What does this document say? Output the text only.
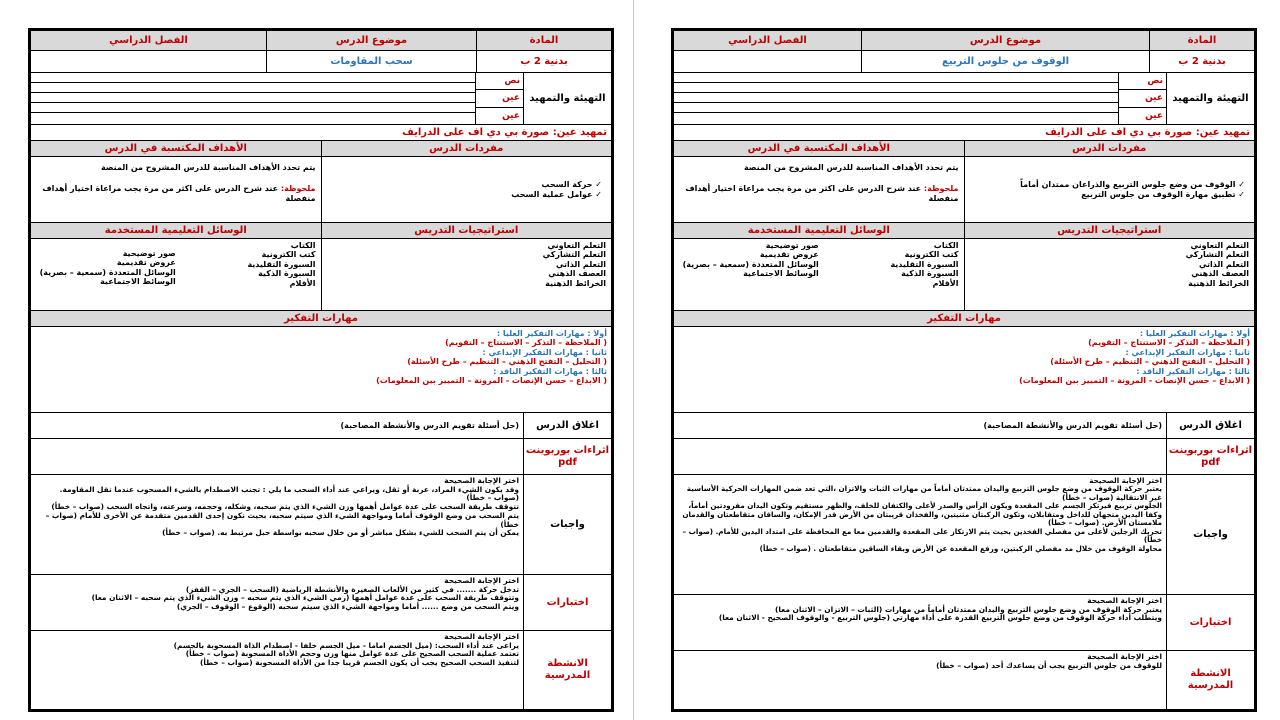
المادة
موضوع الدرس
الفصل الدراسي
بدنية 2 ب
سحب المقاومات
التهيئة والتمهيد
نص
عين
عين
تمهيد عين: صورة بي دي اف على الدرايف
مفردات الدرس
الأهداف المكتسبة في الدرس
✓ حركة السحب
✓ عوامل عملية السحب

يتم تحدد الأهداف المناسبة للدرس المشروح من المنصة

ملحوظة: عند شرح الدرس على اكثر من مرة يجب مراعاة اختيار أهداف منفصلة

استراتيجيات التدريس
الوسائل التعليمية المستخدمة

التعلم التعاوني

التعلم التشاركي

التعلم الذاتي

العصف الذهني

الخرائط الذهنية

الكتاب

كتب الكترونية

السبورة التقليدية

السبورة الذكية

الأقلام

صور توضيحية

عروض تقديمية

الوسائل المتعددة (سمعية – بصرية)

الوسائط الاجتماعية

مهارات التفكير

أولا : مهارات التفكير العليا :

( الملاحظة – التذكر – الاستنتاج – التقويم)

ثانيا : مهارات التفكير الإبداعي :

( التحليل – التفتح الذهني – التنظيم – طرح الأسئلة)

ثالثا : مهارات التفكير الناقد :

( الابداع – حسن الإنصات - المرونة – التمييز بين المعلومات)

اغلاق الدرس
(حل أسئلة تقويم الدرس والأنشطة المصاحبة)
اثراءات بوربوينت pdf
واجبات

اختر الإجابة الصحيحة

وقد يكون الشيء المراد، عربة أو ثقل، ويراعي عند أداء السحب ما يلي : تجنب الاصطدام بالشيء المسحوب عندما تقل المقاومة. (صواب – خطأ)

تتوقف طريقة السحب على عدة عوامل أهمها وزن الشيء الذي يتم سحبه، وشكله، وحجمه، وسرعته، واتجاه السحب (صواب – خطأ)

يتم السحب من وضع الوقوف أماما ومواجهة الشيء الذي سيتم سحبه، بحيث تكون إحدى القدمين متقدمة عن الأخرى للأمام (صواب – خطأ)

يمكن أن يتم السحب للشيء بشكل مباشر أو من خلال سحبه بواسطة حبل مرتبط به. (صواب – خطأ)

اختبارات

اختر الإجابة الصحيحة

تدخل حركة ....... في كثير من الألعاب الصغيرة والأنشطة الرياضية (السحب – الجري – القفز)

وتتوقف طريقة السحب على عدة عوامل أهمها (رمي الشيء الذي يتم سحبه – وزن الشيء الذي يتم سحبه – الاثنان معا)

ويتم السحب من وضع ...... أماما ومواجهة الشيء الذي سيتم سحبه (الوقوع – الوقوف – الجري)

الانشطة المدرسية

اختر الإجابة الصحيحة

يراعى عند أداء السحب: (ميل الجسم اماما - ميل الجسم خلفا - اصطدام الذاة المسحوبة بالجسم)

تعتمد عملية السحب الصحيح على عدة عوامل منها وزن وحجم الأداة المسحوبة (صواب – خطأ)

لتنفيذ السحب الصحيح يجب أن يكون الجسم قريبا جدا من الأداة المسحوبة (صواب – خطأ)

المادة
موضوع الدرس
الفصل الدراسي
بدنية 2 ب
الوقوف من جلوس التربيع
التهيئة والتمهيد
نص
عين
عين
تمهيد عين: صورة بي دي اف على الدرايف
مفردات الدرس
الأهداف المكتسبة في الدرس
✓ الوقوف من وضع جلوس التربيع والذراعان ممتدان أماماً
✓ تطبيق مهارة الوقوف من جلوس التربيع

يتم تحدد الأهداف المناسبة للدرس المشروح من المنصة

ملحوظة: عند شرح الدرس على اكثر من مرة يجب مراعاة اختيار أهداف منفصلة

استراتيجيات التدريس
الوسائل التعليمية المستخدمة

التعلم التعاوني

التعلم التشاركي

التعلم الذاتي

العصف الذهني

الخرائط الذهنية

الكتاب

كتب الكترونية

السبورة التقليدية

السبورة الذكية

الأقلام

صور توضيحية

عروض تقديمية

الوسائل المتعددة (سمعية – بصرية)

الوسائط الاجتماعية

مهارات التفكير

أولا : مهارات التفكير العليا :

( الملاحظة – التذكر – الاستنتاج – التقويم)

ثانيا : مهارات التفكير الإبداعي :

( التحليل – التفتح الذهني – التنظيم – طرح الأسئلة)

ثالثا : مهارات التفكير الناقد :

( الابداع – حسن الإنصات - المرونة – التمييز بين المعلومات)

اغلاق الدرس
(حل أسئلة تقويم الدرس والأنشطة المصاحبة)
اثراءات بوربوينت pdf
واجبات

اختر الإجابة الصحيحة

يعتبر حركة الوقوف من وضع جلوس التربيع واليدان ممتدتان أماماً من مهارات الثبات والاتزان ،التي تعد ضمن المهارات الحركية الأساسية غير الانتقالية (صواب – خطأ)

الجلوس تربيع فيرتكز الجسم على المقعدة ويكون الرأس والصدر لأعلى والكتفان للخلف، والظهر مستقيم وتكون اليدان مفرودتين أماماً، وكفا اليدين متجهان للداخل ومتقابلان، وتكون الركبتان مثنيتين، والفخذان قريبتان من الأرض قدر الإمكان، والساقان متقاطعتان والقدمان ملامستان الأرض. (صواب – خطأ)

تحريك الرجلين لأعلى من مفصلي الفخذين بحيث يتم الارتكاز على المقعدة والقدمين معا مع المحافظة على امتداد اليدين للأمام. (صواب – خطأ)

محاولة الوقوف من خلال مد مفصلي الركبتين، ورفع المقعدة عن الأرض وبقاء الساقين متقاطعتان . (صواب – خطأ)

اختبارات

اختر الإجابة الصحيحة

يعتبر حركة الوقوف من وضع جلوس التربيع واليدان ممتدتان أماماً من مهارات (الثبات – الاتزان – الاثنان معا)

ويتطلب أداء حركة الوقوف من وضع جلوس التربيع القدرة على أداء مهارتي (جلوس التربيع - والوقوف الصحيح - الاثنان معا)

الانشطة المدرسية

اختر الإجابة الصحيحة

للوقوف من جلوس التربيع يجب أن يساعدك أحد (صواب – خطأ)
